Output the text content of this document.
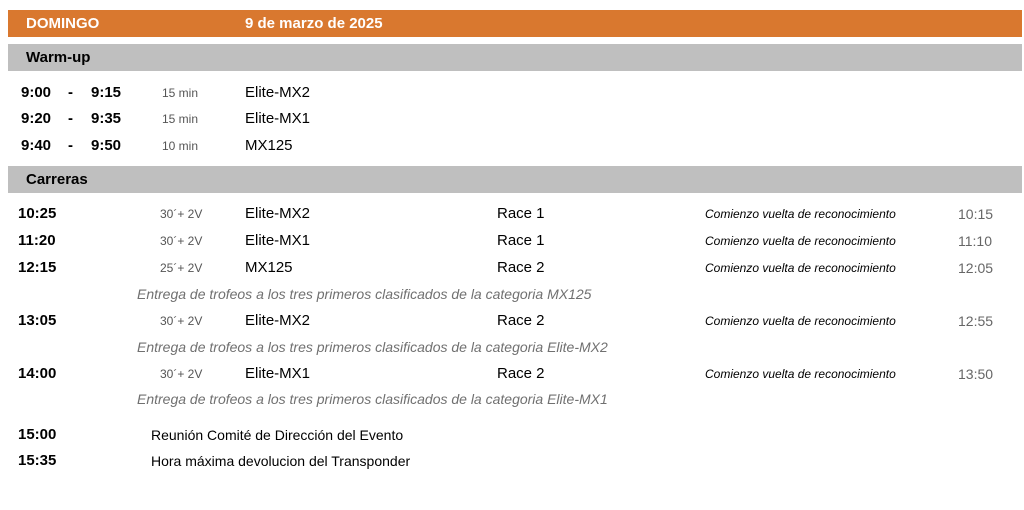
DOMINGO	9 de marzo de 2025
Warm-up
9:00 - 9:15	15 min	Elite-MX2
9:20 - 9:35	15 min	Elite-MX1
9:40 - 9:50	10 min	MX125
Carreras
10:25	30´+ 2V	Elite-MX2	Race 1	Comienzo vuelta de reconocimiento	10:15
11:20	30´+ 2V	Elite-MX1	Race 1	Comienzo vuelta de reconocimiento	11:10
12:15	25´+ 2V	MX125	Race 2	Comienzo vuelta de reconocimiento	12:05
Entrega de trofeos a los tres primeros clasificados de la categoria MX125
13:05	30´+ 2V	Elite-MX2	Race 2	Comienzo vuelta de reconocimiento	12:55
Entrega de trofeos a los tres primeros clasificados de la categoria Elite-MX2
14:00	30´+ 2V	Elite-MX1	Race 2	Comienzo vuelta de reconocimiento	13:50
Entrega de trofeos a los tres primeros clasificados de la categoria Elite-MX1
15:00	Reunión Comité de Dirección del Evento
15:35	Hora máxima devolucion del Transponder
